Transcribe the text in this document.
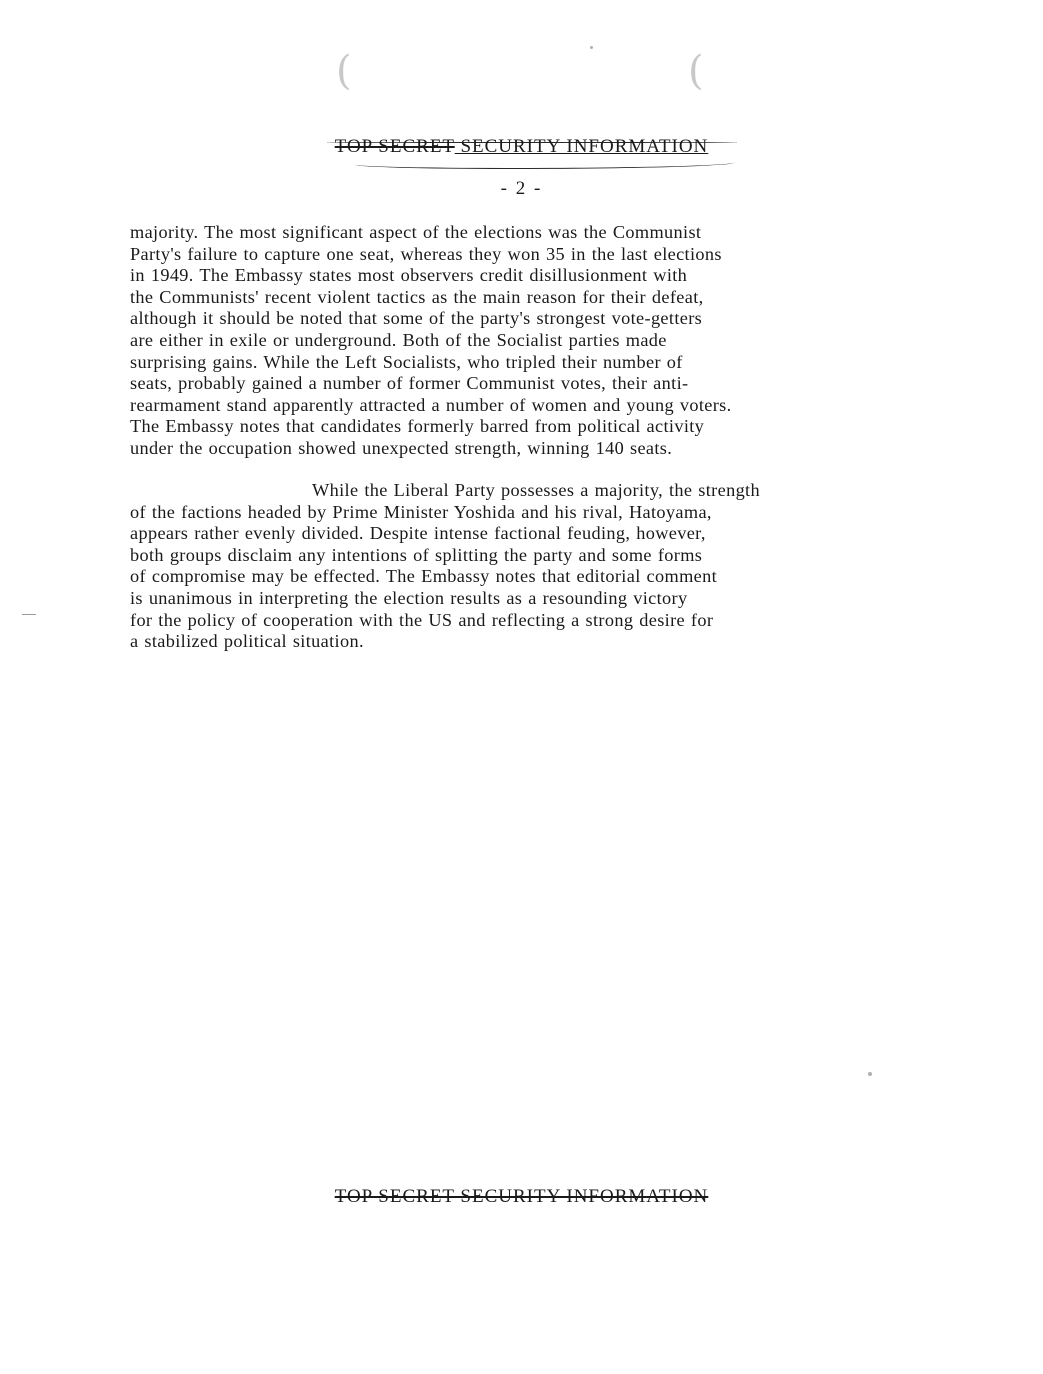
(	(
TOP SECRET SECURITY INFORMATION
- 2 -
majority. The most significant aspect of the elections was the Communist
Party's failure to capture one seat, whereas they won 35 in the last elections
in 1949. The Embassy states most observers credit disillusionment with
the Communists' recent violent tactics as the main reason for their defeat,
although it should be noted that some of the party's strongest vote-getters
are either in exile or underground. Both of the Socialist parties made
surprising gains. While the Left Socialists, who tripled their number of
seats, probably gained a number of former Communist votes, their anti-
rearmament stand apparently attracted a number of women and young voters.
The Embassy notes that candidates formerly barred from political activity
under the occupation showed unexpected strength, winning 140 seats.
While the Liberal Party possesses a majority, the strength
of the factions headed by Prime Minister Yoshida and his rival, Hatoyama,
appears rather evenly divided. Despite intense factional feuding, however,
both groups disclaim any intentions of splitting the party and some forms
of compromise may be effected. The Embassy notes that editorial comment
is unanimous in interpreting the election results as a resounding victory
for the policy of cooperation with the US and reflecting a strong desire for
a stabilized political situation.
TOP SECRET SECURITY INFORMATION
